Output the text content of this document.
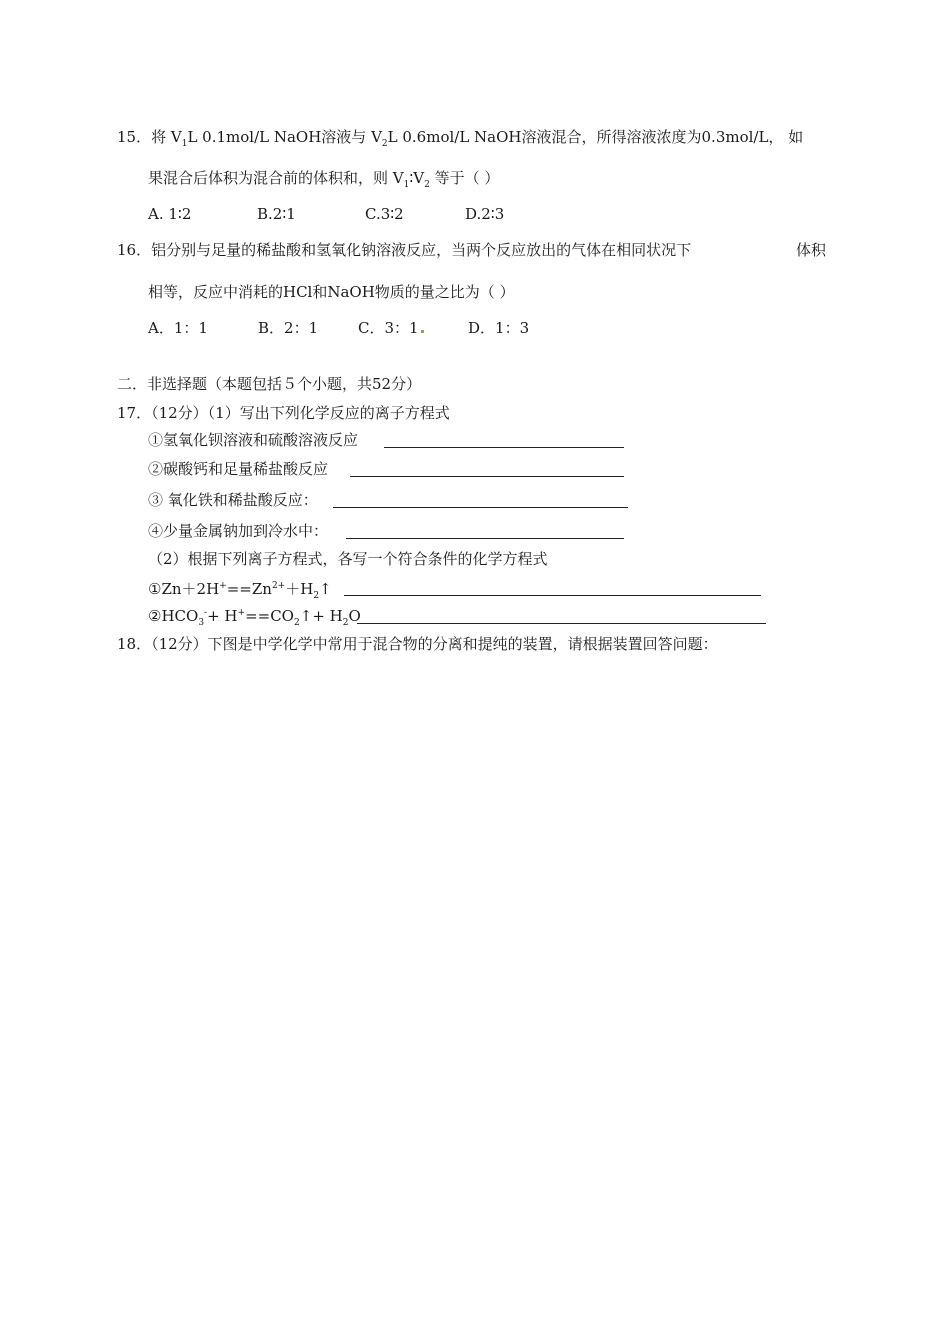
15．将 $V_1L$ 0.1mol/L NaOH溶液与 $V_2L$ 0.6mol/L NaOH溶液混合，所得溶液浓度为0.3mol/L， 如
果混合后体积为混合前的体积和，则 $V_1∶V_2$ 等于（ ）
A. 1∶2	B.2∶1	C.3∶2	D.2∶3
16．铝分别与足量的稀盐酸和氢氧化钠溶液反应，当两个反应放出的气体在相同状况下	体积
相等，反应中消耗的HCl和NaOH物质的量之比为（ ）
A．1：1	B．2：1	C．3：1	D．1：3
二．非选择题（本题包括５个小题，共52分）
17．（12分）（1）写出下列化学反应的离子方程式
①氢氧化钡溶液和硫酸溶液反应
②碳酸钙和足量稀盐酸反应
③ 氧化铁和稀盐酸反应：
④少量金属钠加到冷水中：
（2）根据下列离子方程式，各写一个符合条件的化学方程式
$①Zn+2H^+==Zn^{2+}+H_2↑$
$②HCO_3^-+$ $H^+==CO_2↑+ H_2O$
18．（12分）下图是中学化学中常用于混合物的分离和提纯的装置，请根据装置回答问题：
